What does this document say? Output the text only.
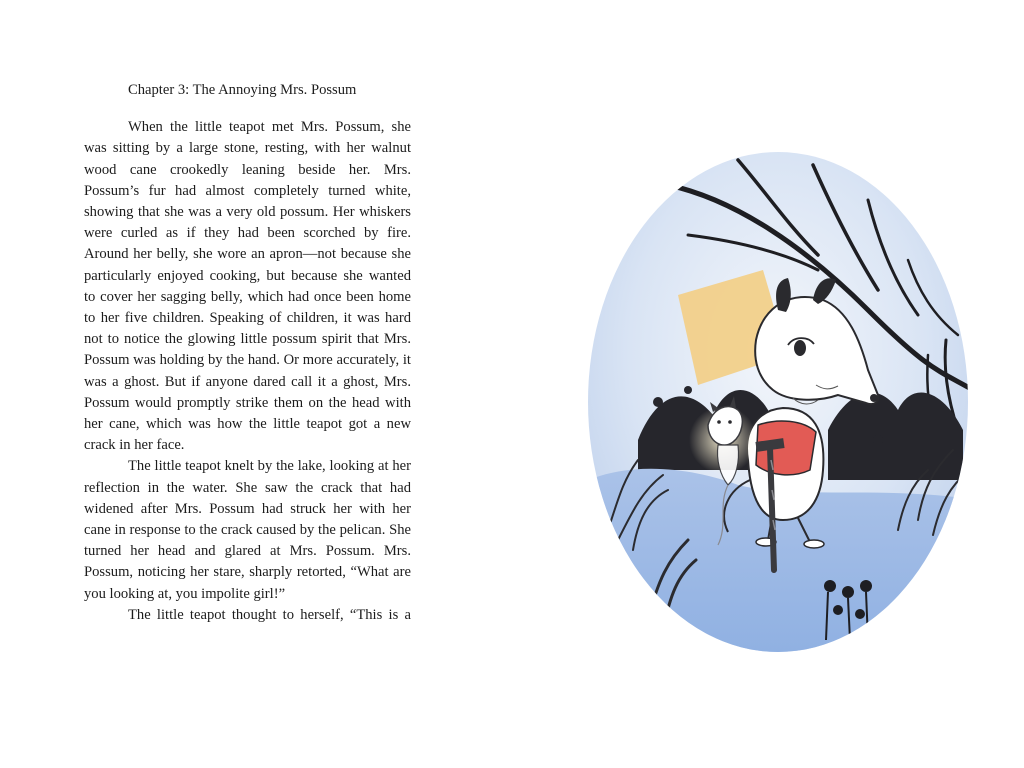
Chapter 3: The Annoying Mrs. Possum

When the little teapot met Mrs. Possum, she was sitting by a large stone, resting, with her walnut wood cane crookedly leaning beside her. Mrs. Possum’s fur had almost completely turned white, showing that she was a very old possum. Her whiskers were curled as if they had been scorched by fire. Around her belly, she wore an apron—not because she particularly enjoyed cooking, but because she wanted to cover her sagging belly, which had once been home to her five children. Speaking of children, it was hard not to notice the glowing little possum spirit that Mrs. Possum was holding by the hand. Or more accurately, it was a ghost. But if anyone dared call it a ghost, Mrs. Possum would promptly strike them on the head with her cane, which was how the little teapot got a new crack in her face.

The little teapot knelt by the lake, looking at her reflection in the water. She saw the crack that had widened after Mrs. Possum had struck her with her cane in response to the crack caused by the pelican. She turned her head and glared at Mrs. Possum. Mrs. Possum, noticing her stare, sharply retorted, “What are you looking at, you impolite girl!”

The little teapot thought to herself, “This is a
